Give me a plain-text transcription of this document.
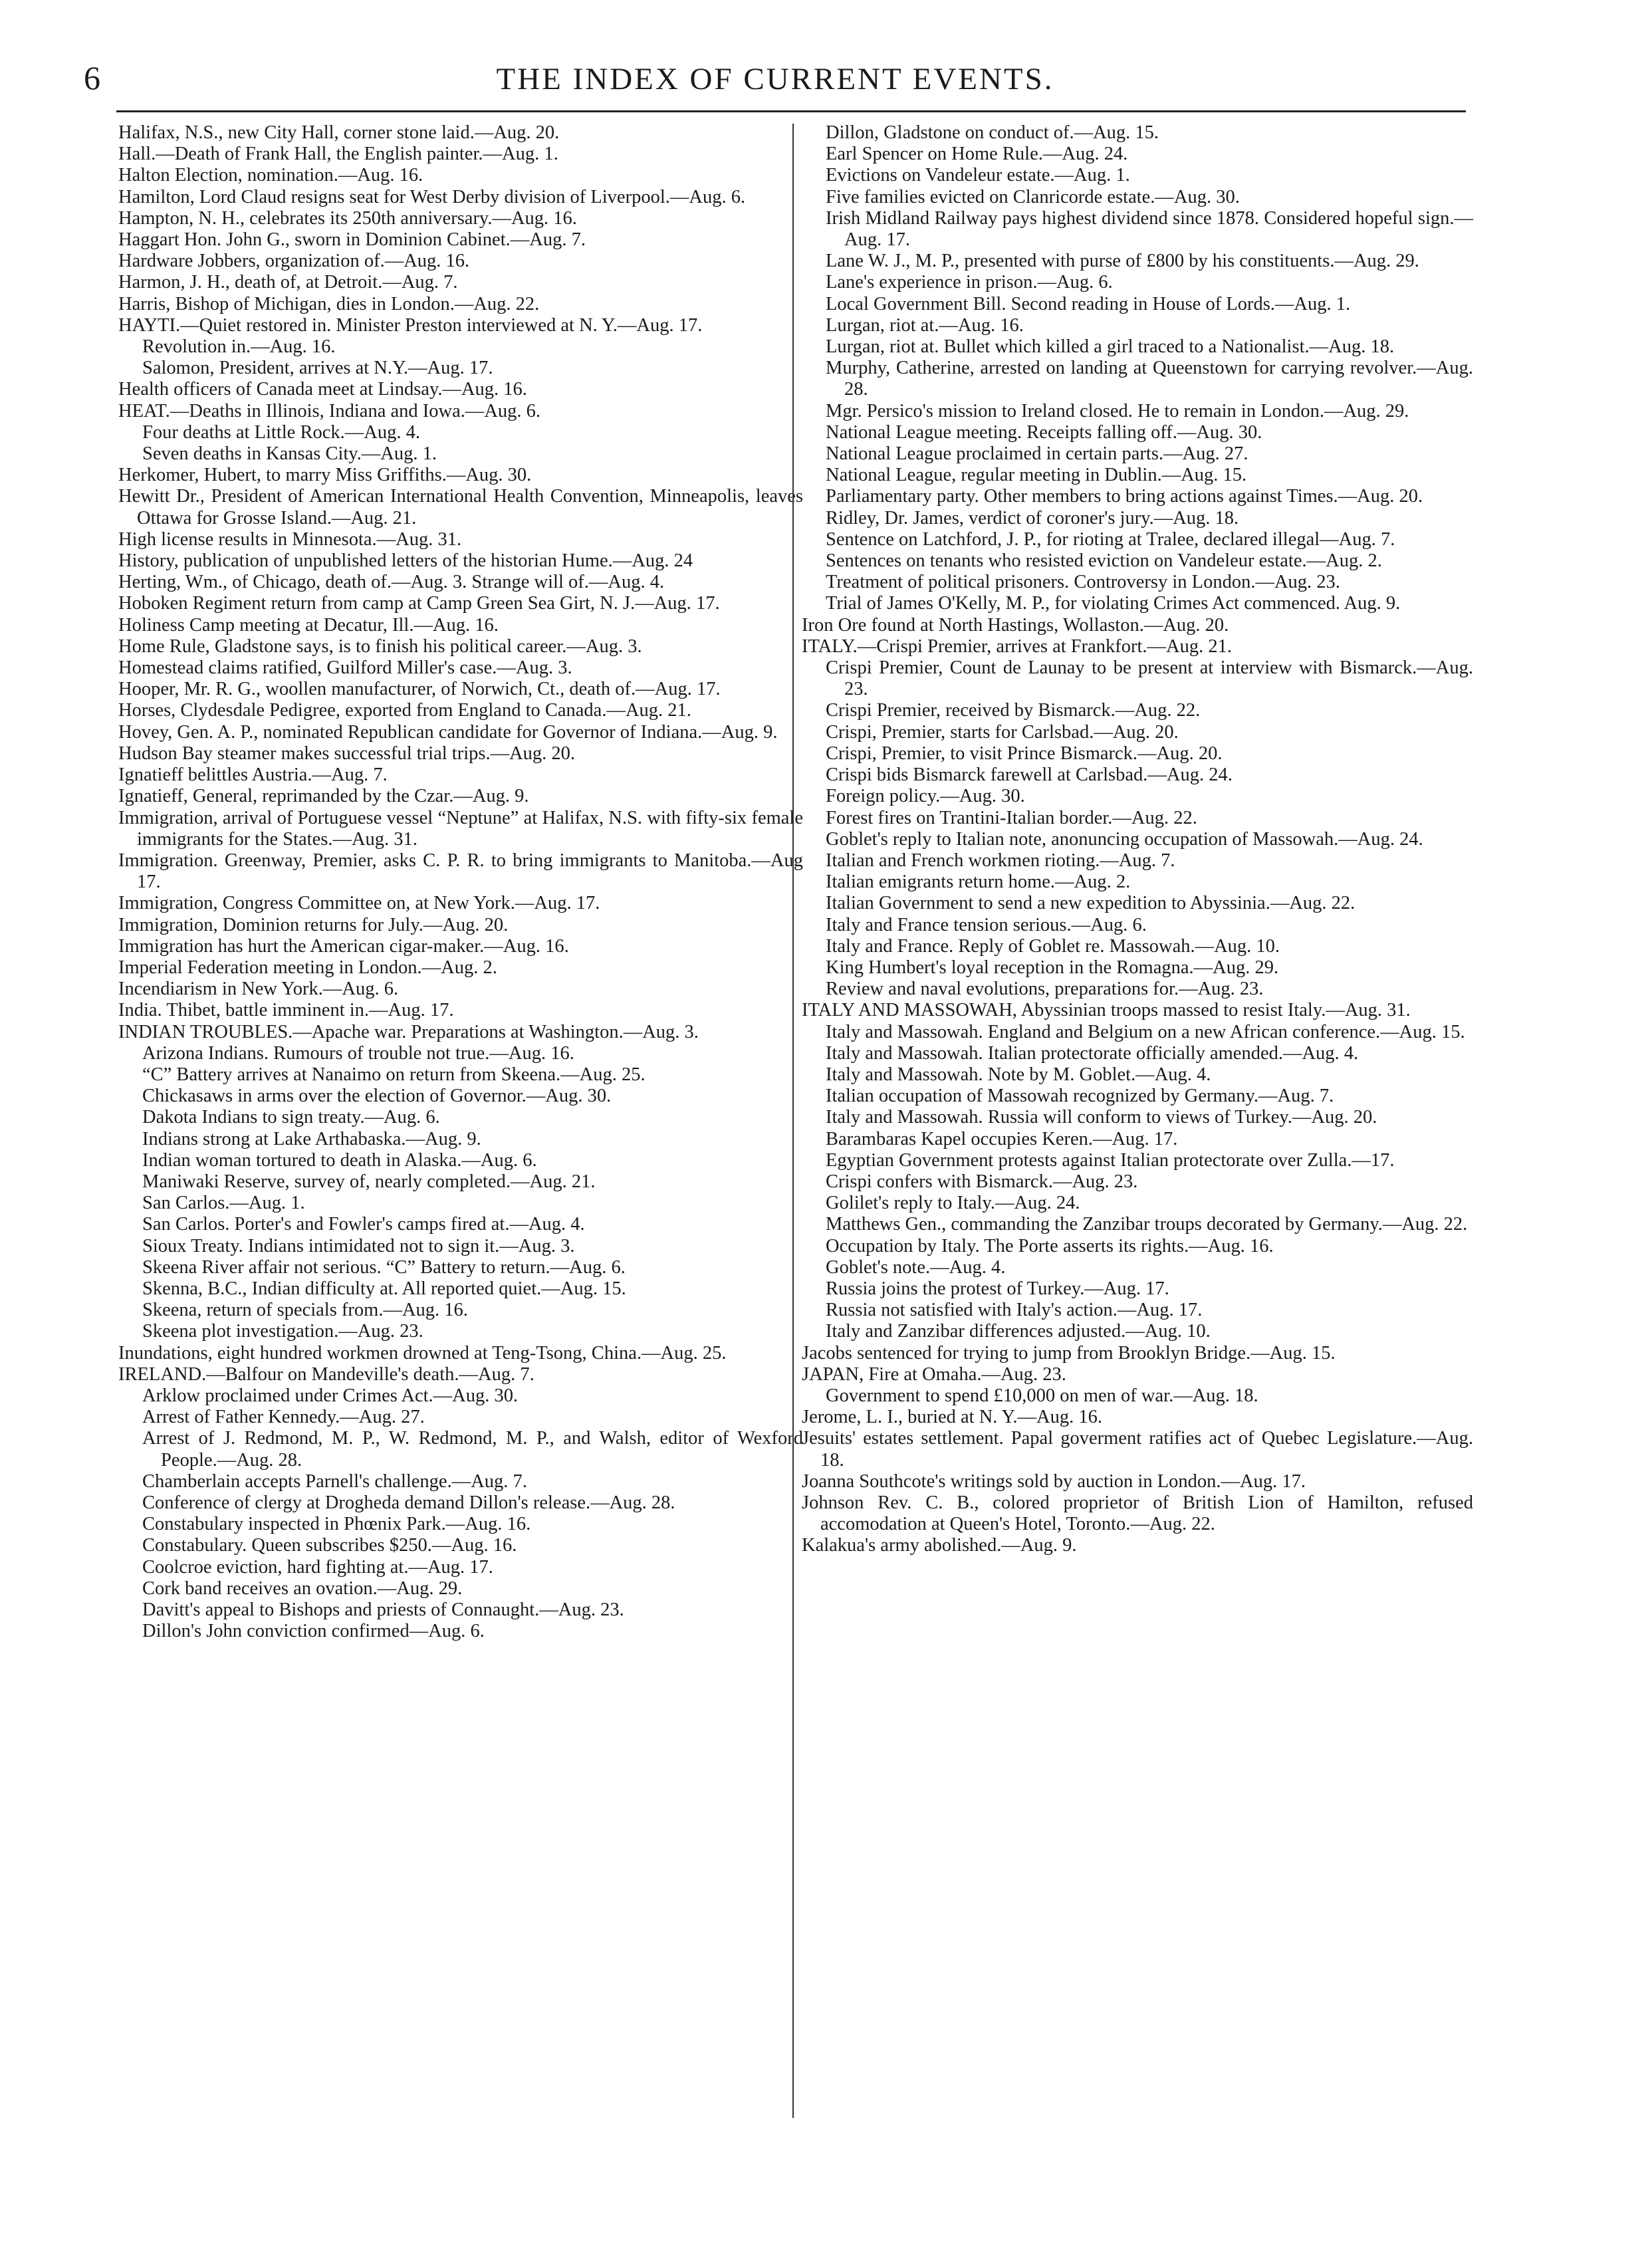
6	THE INDEX OF CURRENT EVENTS.

Halifax, N.S., new City Hall, corner stone laid.—Aug. 20.

Hall.—Death of Frank Hall, the English painter.—Aug. 1.

Halton Election, nomination.—Aug. 16.

Hamilton, Lord Claud resigns seat for West Derby division of Liverpool.—Aug. 6.

Hampton, N. H., celebrates its 250th anniversary.—Aug. 16.

Haggart Hon. John G., sworn in Dominion Cabinet.—Aug. 7.

Hardware Jobbers, organization of.—Aug. 16.

Harmon, J. H., death of, at Detroit.—Aug. 7.

Harris, Bishop of Michigan, dies in London.—Aug. 22.

HAYTI.—Quiet restored in. Minister Preston interviewed at N. Y.—Aug. 17.

Revolution in.—Aug. 16.

Salomon, President, arrives at N.Y.—Aug. 17.

Health officers of Canada meet at Lindsay.—Aug. 16.

HEAT.—Deaths in Illinois, Indiana and Iowa.—Aug. 6.

Four deaths at Little Rock.—Aug. 4.

Seven deaths in Kansas City.—Aug. 1.

Herkomer, Hubert, to marry Miss Griffiths.—Aug. 30.

Hewitt Dr., President of American International Health Convention, Minneapolis, leaves Ottawa for Grosse Island.—Aug. 21.

High license results in Minnesota.—Aug. 31.

History, publication of unpublished letters of the historian Hume.—Aug. 24

Herting, Wm., of Chicago, death of.—Aug. 3. Strange will of.—Aug. 4.

Hoboken Regiment return from camp at Camp Green Sea Girt, N. J.—Aug. 17.

Holiness Camp meeting at Decatur, Ill.—Aug. 16.

Home Rule, Gladstone says, is to finish his political career.—Aug. 3.

Homestead claims ratified, Guilford Miller's case.—Aug. 3.

Hooper, Mr. R. G., woollen manufacturer, of Norwich, Ct., death of.—Aug. 17.

Horses, Clydesdale Pedigree, exported from England to Canada.—Aug. 21.

Hovey, Gen. A. P., nominated Republican candidate for Governor of Indiana.—Aug. 9.

Hudson Bay steamer makes successful trial trips.—Aug. 20.

Ignatieff belittles Austria.—Aug. 7.

Ignatieff, General, reprimanded by the Czar.—Aug. 9.

Immigration, arrival of Portuguese vessel “Neptune” at Halifax, N.S. with fifty-six female immigrants for the States.—Aug. 31.

Immigration. Greenway, Premier, asks C. P. R. to bring immigrants to Manitoba.—Aug 17.

Immigration, Congress Committee on, at New York.—Aug. 17.

Immigration, Dominion returns for July.—Aug. 20.

Immigration has hurt the American cigar-maker.—Aug. 16.

Imperial Federation meeting in London.—Aug. 2.

Incendiarism in New York.—Aug. 6.

India. Thibet, battle imminent in.—Aug. 17.

INDIAN TROUBLES.—Apache war. Preparations at Washington.—Aug. 3.

Arizona Indians. Rumours of trouble not true.—Aug. 16.

“C” Battery arrives at Nanaimo on return from Skeena.—Aug. 25.

Chickasaws in arms over the election of Governor.—Aug. 30.

Dakota Indians to sign treaty.—Aug. 6.

Indians strong at Lake Arthabaska.—Aug. 9.

Indian woman tortured to death in Alaska.—Aug. 6.

Maniwaki Reserve, survey of, nearly completed.—Aug. 21.

San Carlos.—Aug. 1.

San Carlos. Porter's and Fowler's camps fired at.—Aug. 4.

Sioux Treaty. Indians intimidated not to sign it.—Aug. 3.

Skeena River affair not serious. “C” Battery to return.—Aug. 6.

Skenna, B.C., Indian difficulty at. All reported quiet.—Aug. 15.

Skeena, return of specials from.—Aug. 16.

Skeena plot investigation.—Aug. 23.

Inundations, eight hundred workmen drowned at Teng-Tsong, China.—Aug. 25.

IRELAND.—Balfour on Mandeville's death.—Aug. 7.

Arklow proclaimed under Crimes Act.—Aug. 30.

Arrest of Father Kennedy.—Aug. 27.

Arrest of J. Redmond, M. P., W. Redmond, M. P., and Walsh, editor of Wexford People.—Aug. 28.

Chamberlain accepts Parnell's challenge.—Aug. 7.

Conference of clergy at Drogheda demand Dillon's release.—Aug. 28.

Constabulary inspected in Phœnix Park.—Aug. 16.

Constabulary. Queen subscribes $250.—Aug. 16.

Coolcroe eviction, hard fighting at.—Aug. 17.

Cork band receives an ovation.—Aug. 29.

Davitt's appeal to Bishops and priests of Connaught.—Aug. 23.

Dillon's John conviction confirmed—Aug. 6.

Dillon, Gladstone on conduct of.—Aug. 15.

Earl Spencer on Home Rule.—Aug. 24.

Evictions on Vandeleur estate.—Aug. 1.

Five families evicted on Clanricorde estate.—Aug. 30.

Irish Midland Railway pays highest dividend since 1878. Considered hopeful sign.—Aug. 17.

Lane W. J., M. P., presented with purse of £800 by his constituents.—Aug. 29.

Lane's experience in prison.—Aug. 6.

Local Government Bill. Second reading in House of Lords.—Aug. 1.

Lurgan, riot at.—Aug. 16.

Lurgan, riot at. Bullet which killed a girl traced to a Nationalist.—Aug. 18.

Murphy, Catherine, arrested on landing at Queenstown for carrying revolver.—Aug. 28.

Mgr. Persico's mission to Ireland closed. He to remain in London.—Aug. 29.

National League meeting. Receipts falling off.—Aug. 30.

National League proclaimed in certain parts.—Aug. 27.

National League, regular meeting in Dublin.—Aug. 15.

Parliamentary party. Other members to bring actions against Times.—Aug. 20.

Ridley, Dr. James, verdict of coroner's jury.—Aug. 18.

Sentence on Latchford, J. P., for rioting at Tralee, declared illegal—Aug. 7.

Sentences on tenants who resisted eviction on Vandeleur estate.—Aug. 2.

Treatment of political prisoners. Controversy in London.—Aug. 23.

Trial of James O'Kelly, M. P., for violating Crimes Act commenced. Aug. 9.

Iron Ore found at North Hastings, Wollaston.—Aug. 20.

ITALY.—Crispi Premier, arrives at Frankfort.—Aug. 21.

Crispi Premier, Count de Launay to be present at interview with Bismarck.—Aug. 23.

Crispi Premier, received by Bismarck.—Aug. 22.

Crispi, Premier, starts for Carlsbad.—Aug. 20.

Crispi, Premier, to visit Prince Bismarck.—Aug. 20.

Crispi bids Bismarck farewell at Carlsbad.—Aug. 24.

Foreign policy.—Aug. 30.

Forest fires on Trantini-Italian border.—Aug. 22.

Goblet's reply to Italian note, anonuncing occupation of Massowah.—Aug. 24.

Italian and French workmen rioting.—Aug. 7.

Italian emigrants return home.—Aug. 2.

Italian Government to send a new expedition to Abyssinia.—Aug. 22.

Italy and France tension serious.—Aug. 6.

Italy and France. Reply of Goblet re. Massowah.—Aug. 10.

King Humbert's loyal reception in the Romagna.—Aug. 29.

Review and naval evolutions, preparations for.—Aug. 23.

ITALY AND MASSOWAH, Abyssinian troops massed to resist Italy.—Aug. 31.

Italy and Massowah. England and Belgium on a new African conference.—Aug. 15.

Italy and Massowah. Italian protectorate officially amended.—Aug. 4.

Italy and Massowah. Note by M. Goblet.—Aug. 4.

Italian occupation of Massowah recognized by Germany.—Aug. 7.

Italy and Massowah. Russia will conform to views of Turkey.—Aug. 20.

Barambaras Kapel occupies Keren.—Aug. 17.

Egyptian Government protests against Italian protectorate over Zulla.—17.

Crispi confers with Bismarck.—Aug. 23.

Golilet's reply to Italy.—Aug. 24.

Matthews Gen., commanding the Zanzibar troups decorated by Germany.—Aug. 22.

Occupation by Italy. The Porte asserts its rights.—Aug. 16.

Goblet's note.—Aug. 4.

Russia joins the protest of Turkey.—Aug. 17.

Russia not satisfied with Italy's action.—Aug. 17.

Italy and Zanzibar differences adjusted.—Aug. 10.

Jacobs sentenced for trying to jump from Brooklyn Bridge.—Aug. 15.

JAPAN, Fire at Omaha.—Aug. 23.

Government to spend £10,000 on men of war.—Aug. 18.

Jerome, L. I., buried at N. Y.—Aug. 16.

Jesuits' estates settlement. Papal goverment ratifies act of Quebec Legislature.—Aug. 18.

Joanna Southcote's writings sold by auction in London.—Aug. 17.

Johnson Rev. C. B., colored proprietor of British Lion of Hamilton, refused accomodation at Queen's Hotel, Toronto.—Aug. 22.

Kalakua's army abolished.—Aug. 9.
